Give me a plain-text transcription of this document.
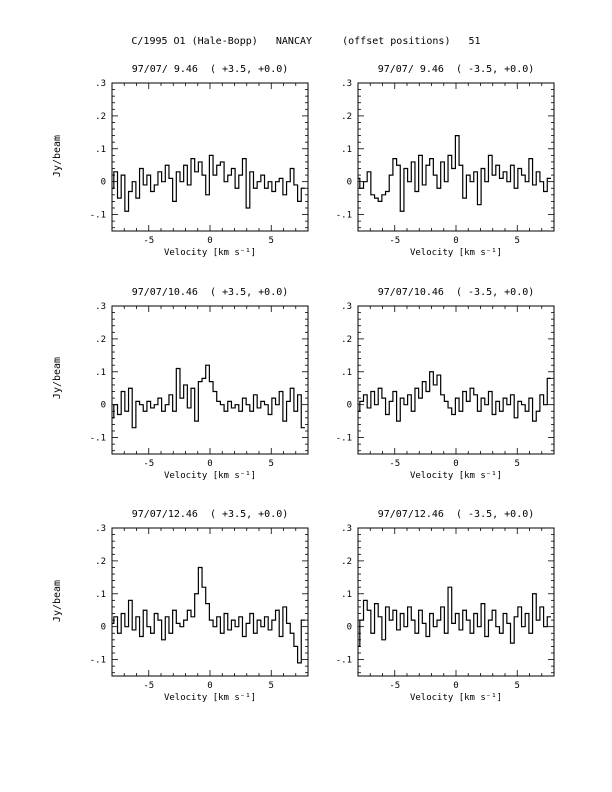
C/1995 O1 (Hale-Bopp)   NANCAY     (offset positions)   51
97/07/ 9.46  ( +3.5, +0.0)	97/07/ 9.46  ( -3.5, +0.0)
97/07/10.46  ( +3.5, +0.0)	97/07/10.46  ( -3.5, +0.0)
97/07/12.46  ( +3.5, +0.0)	97/07/12.46  ( -3.5, +0.0)
Jy/beam
Jy/beam
Jy/beam
-5	0	5
-.1
0
.1
.2
.3
Velocity [km s⁻¹]
-5	0	5
-.1
0
.1
.2
.3
Velocity [km s⁻¹]
-5	0	5
-.1
0
.1
.2
.3
Velocity [km s⁻¹]
-5	0	5
-.1
0
.1
.2
.3
Velocity [km s⁻¹]
-5	0	5
-.1
0
.1
.2
.3
Velocity [km s⁻¹]
-5	0	5
-.1
0
.1
.2
.3
Velocity [km s⁻¹]
